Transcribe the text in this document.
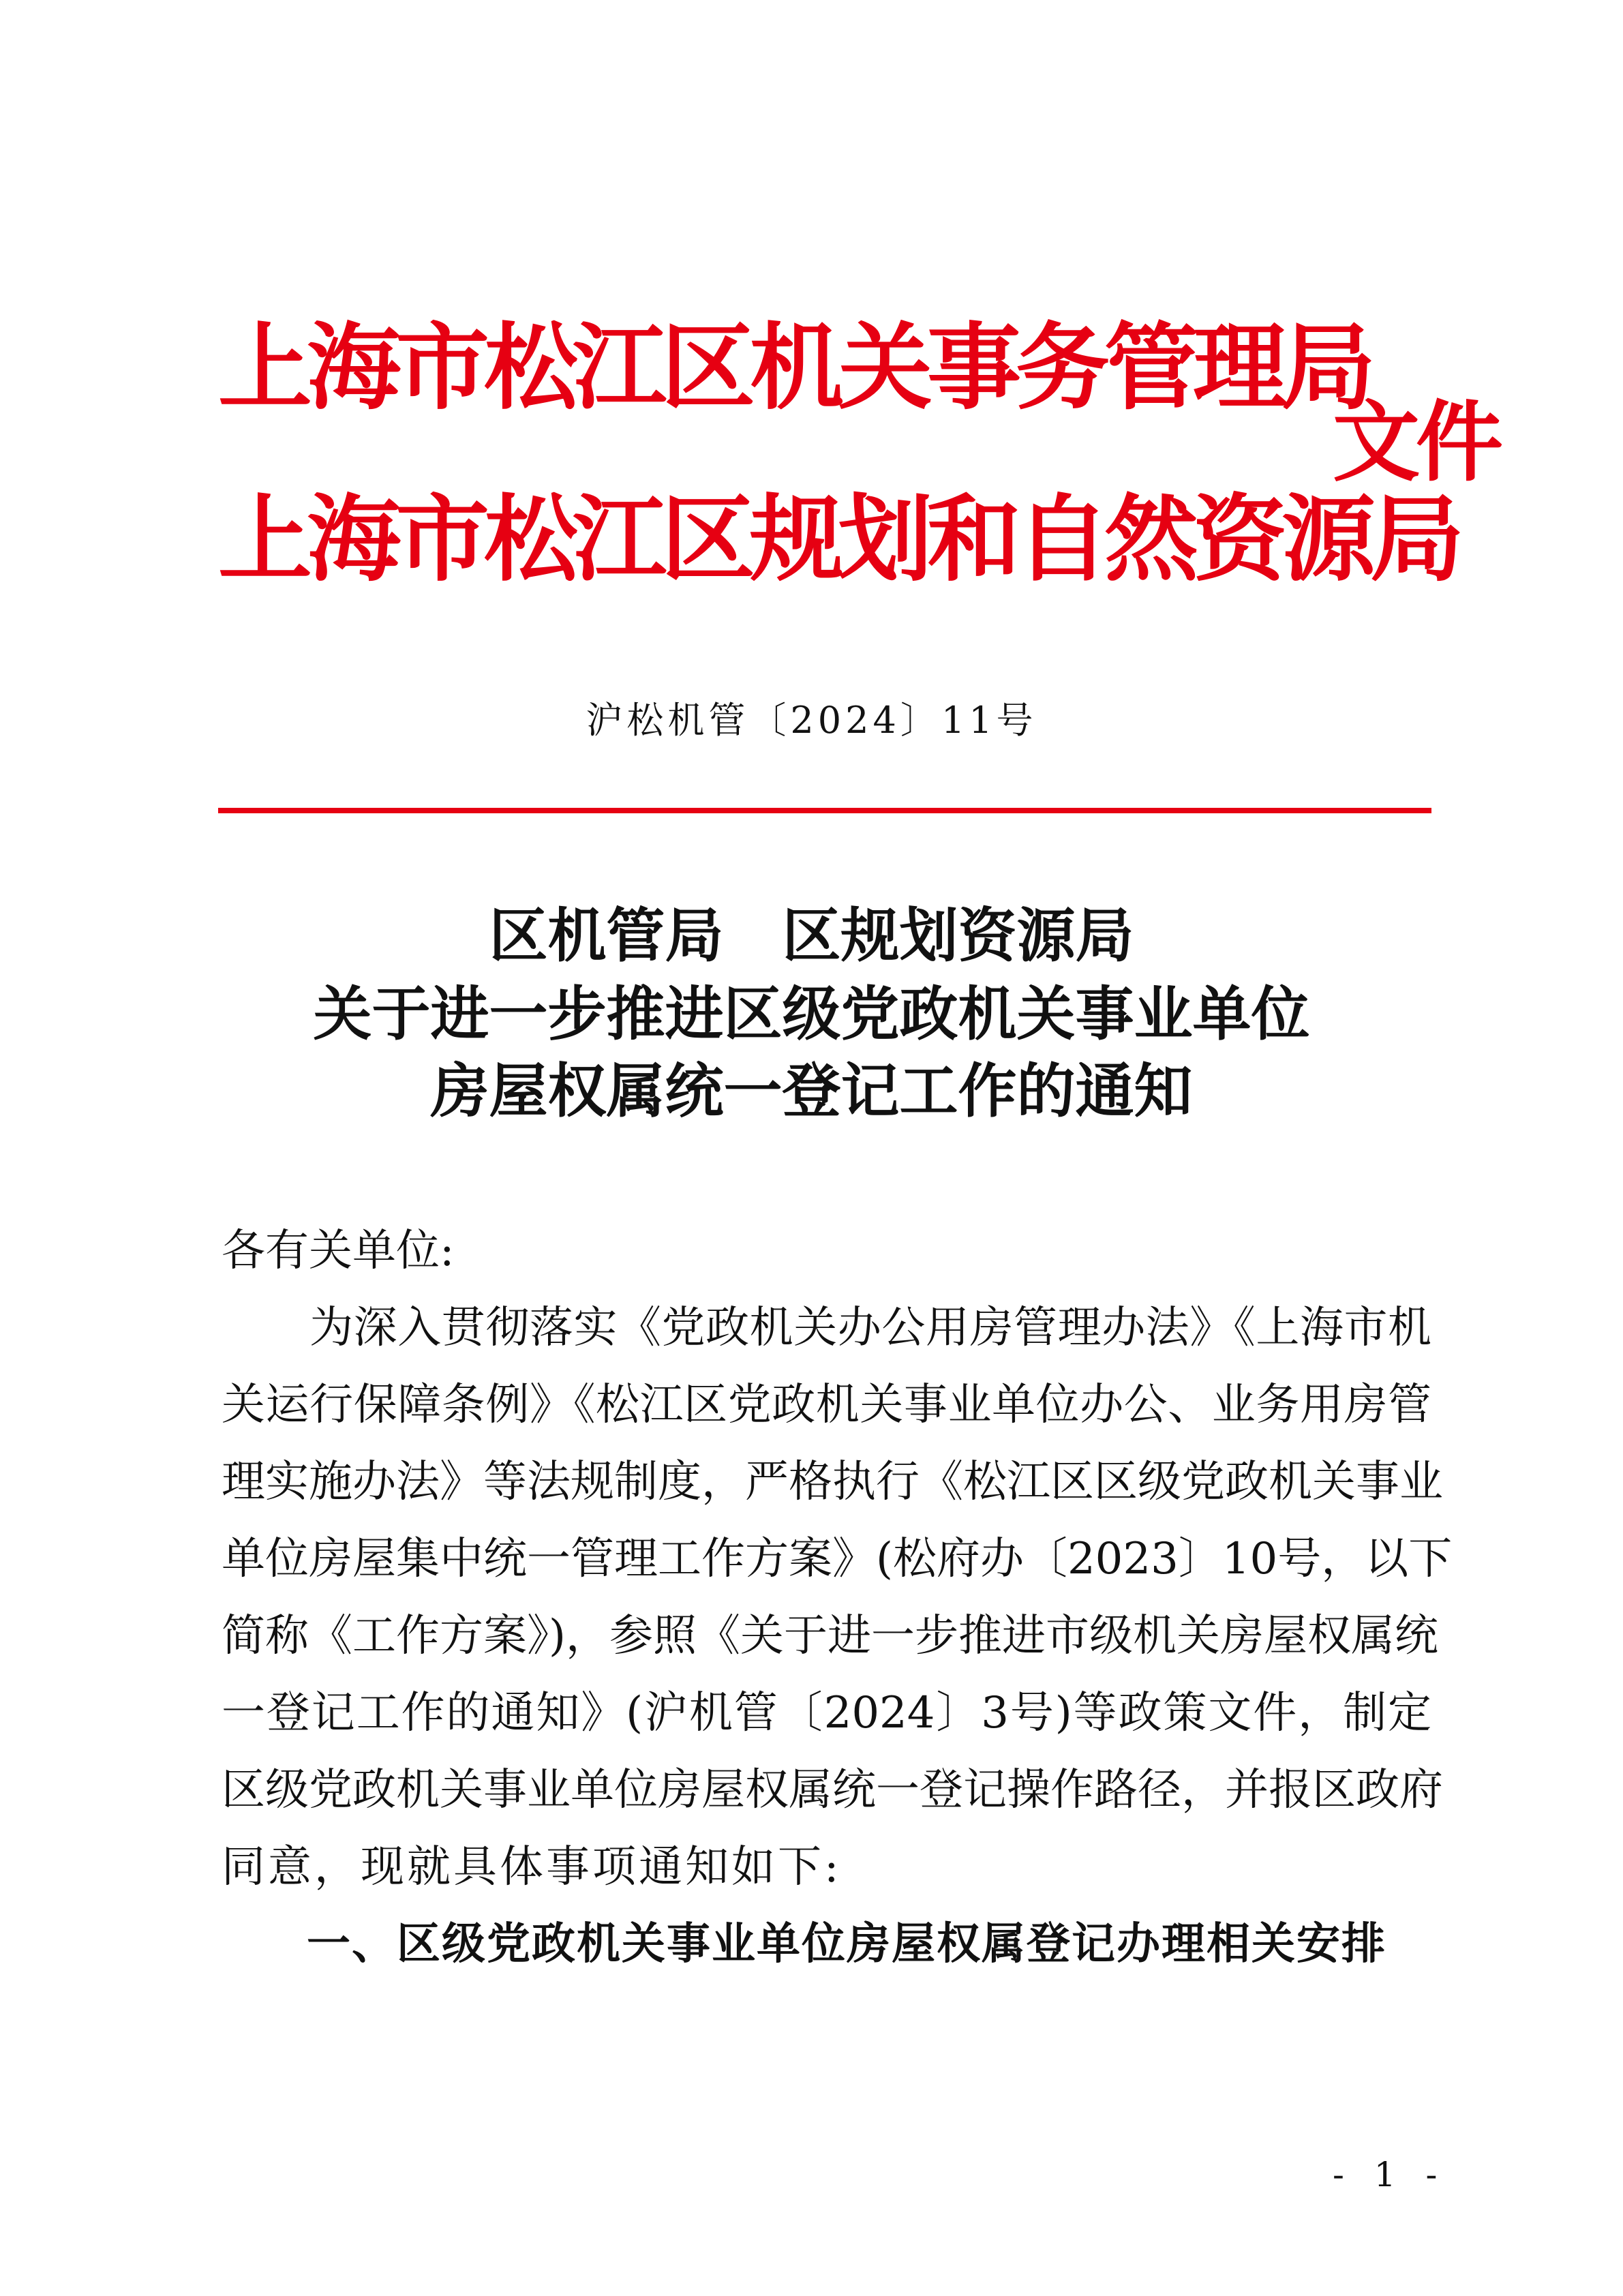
上海市松江区机关事务管理局
上海市松江区规划和自然资源局
文件
沪松机管〔2024〕11号
区机管局　区规划资源局
关于进一步推进区级党政机关事业单位
房屋权属统一登记工作的通知
各有关单位:
　　为深入贯彻落实《党政机关办公用房管理办法》《上海市机
关运行保障条例》《松江区党政机关事业单位办公、业务用房管
理实施办法》等法规制度，严格执行《松江区区级党政机关事业
单位房屋集中统一管理工作方案》(松府办〔2023〕10号，以下
简称《工作方案》)，参照《关于进一步推进市级机关房屋权属统
一登记工作的通知》(沪机管〔2024〕3号)等政策文件，制定
区级党政机关事业单位房屋权属统一登记操作路径，并报区政府
同意，现就具体事项通知如下:
一、区级党政机关事业单位房屋权属登记办理相关安排
- 1 -
